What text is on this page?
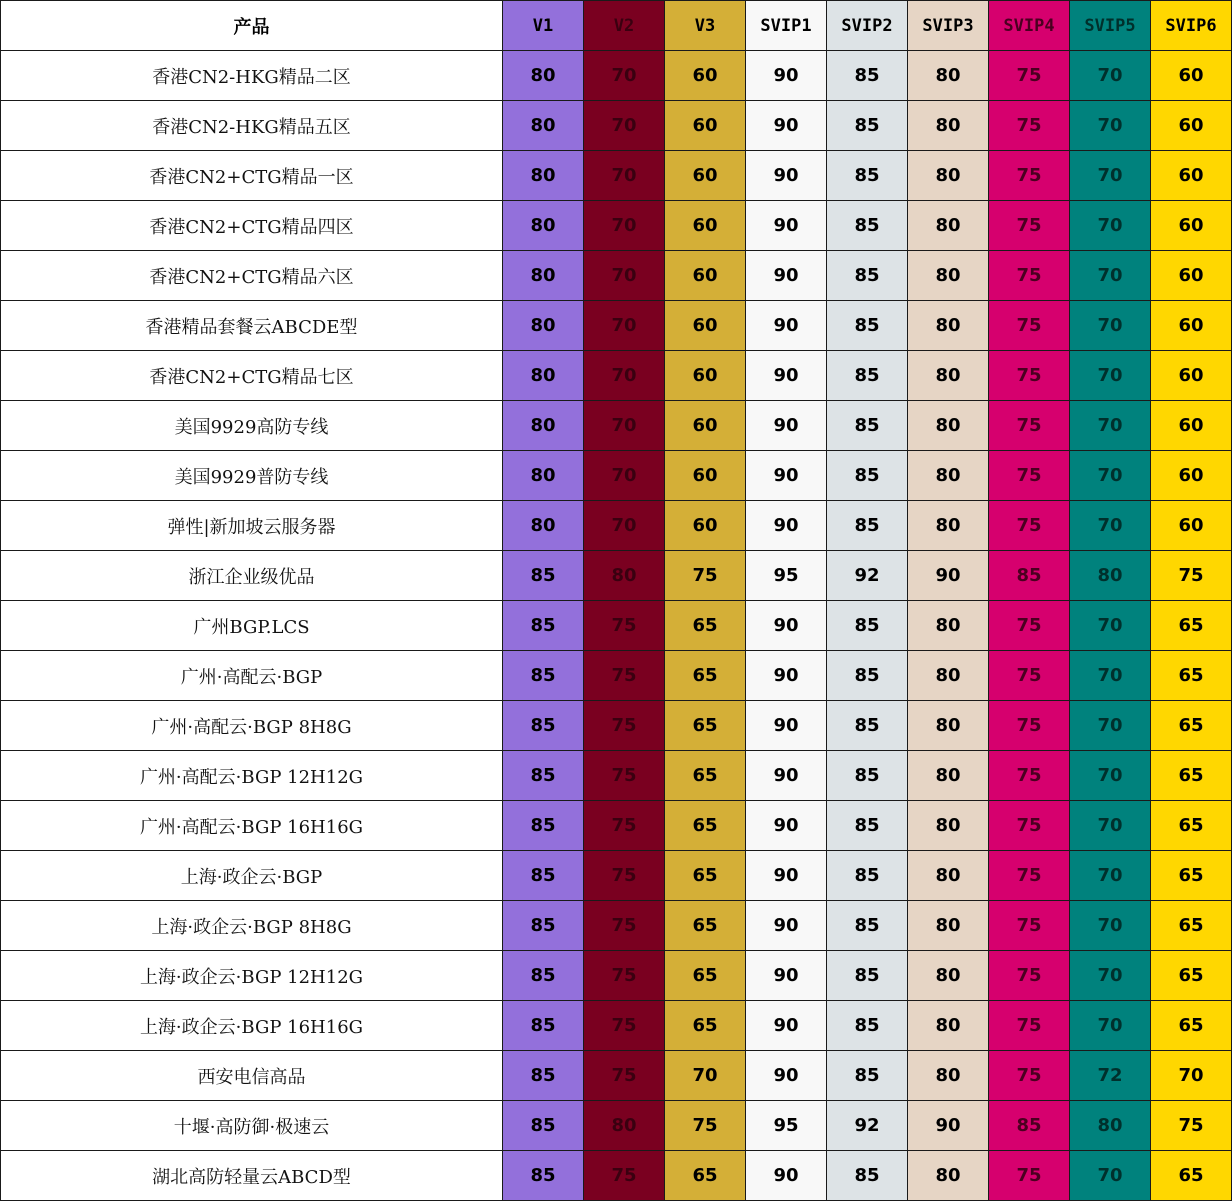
产品	V1	V2	V3	SVIP1	SVIP2	SVIP3	SVIP4	SVIP5	SVIP6
香港CN2-HKG精品二区	80	70	60	90	85	80	75	70	60
香港CN2-HKG精品五区	80	70	60	90	85	80	75	70	60
香港CN2+CTG精品一区	80	70	60	90	85	80	75	70	60
香港CN2+CTG精品四区	80	70	60	90	85	80	75	70	60
香港CN2+CTG精品六区	80	70	60	90	85	80	75	70	60
香港精品套餐云ABCDE型	80	70	60	90	85	80	75	70	60
香港CN2+CTG精品七区	80	70	60	90	85	80	75	70	60
美国9929高防专线	80	70	60	90	85	80	75	70	60
美国9929普防专线	80	70	60	90	85	80	75	70	60
弹性|新加坡云服务器	80	70	60	90	85	80	75	70	60
浙江企业级优品	85	80	75	95	92	90	85	80	75
广州BGP.LCS	85	75	65	90	85	80	75	70	65
广州·高配云·BGP	85	75	65	90	85	80	75	70	65
广州·高配云·BGP 8H8G	85	75	65	90	85	80	75	70	65
广州·高配云·BGP 12H12G	85	75	65	90	85	80	75	70	65
广州·高配云·BGP 16H16G	85	75	65	90	85	80	75	70	65
上海·政企云·BGP	85	75	65	90	85	80	75	70	65
上海·政企云·BGP 8H8G	85	75	65	90	85	80	75	70	65
上海·政企云·BGP 12H12G	85	75	65	90	85	80	75	70	65
上海·政企云·BGP 16H16G	85	75	65	90	85	80	75	70	65
西安电信高品	85	75	70	90	85	80	75	72	70
十堰·高防御·极速云	85	80	75	95	92	90	85	80	75
湖北高防轻量云ABCD型	85	75	65	90	85	80	75	70	65
